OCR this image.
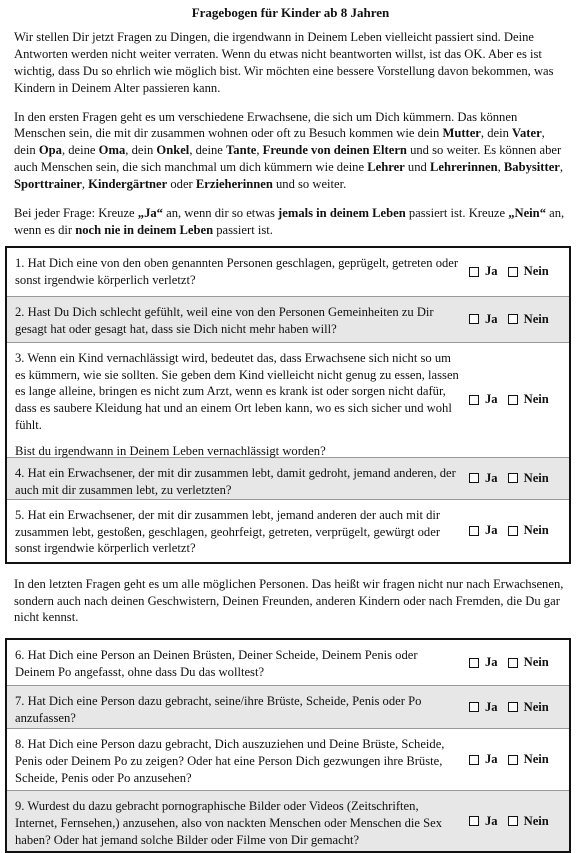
Fragebogen für Kinder ab 8 Jahren

Wir stellen Dir jetzt Fragen zu Dingen, die irgendwann in Deinem Leben vielleicht passiert sind. Deine Antworten werden nicht weiter verraten. Wenn du etwas nicht beantworten willst, ist das OK. Aber es ist wichtig, dass Du so ehrlich wie möglich bist. Wir möchten eine bessere Vorstellung davon bekommen, was Kindern in Deinem Alter passieren kann.

In den ersten Fragen geht es um verschiedene Erwachsene, die sich um Dich kümmern. Das können Menschen sein, die mit dir zusammen wohnen oder oft zu Besuch kommen wie dein Mutter, dein Vater, dein Opa, deine Oma, dein Onkel, deine Tante, Freunde von deinen Eltern und so weiter. Es können aber auch Menschen sein, die sich manchmal um dich kümmern wie deine Lehrer und Lehrerinnen, Babysitter, Sporttrainer, Kindergärtner oder Erzieherinnen und so weiter.

Bei jeder Frage: Kreuze „Ja“ an, wenn dir so etwas jemals in deinem Leben passiert ist. Kreuze „Nein“ an, wenn es dir noch nie in deinem Leben passiert ist.

1. Hat Dich eine von den oben genannten Personen geschlagen, geprügelt, getreten oder sonst irgendwie körperlich verletzt?
Ja Nein
2. Hast Du Dich schlecht gefühlt, weil eine von den Personen Gemeinheiten zu Dir gesagt hat oder gesagt hat, dass sie Dich nicht mehr haben will?
Ja Nein
3. Wenn ein Kind vernachlässigt wird, bedeutet das, dass Erwachsene sich nicht so um es kümmern, wie sie sollten. Sie geben dem Kind vielleicht nicht genug zu essen, lassen es lange alleine, bringen es nicht zum Arzt, wenn es krank ist oder sorgen nicht dafür, dass es saubere Kleidung hat und an einem Ort leben kann, wo es sich sicher und wohl fühlt.
Bist du irgendwann in Deinem Leben vernachlässigt worden?
Ja Nein
4. Hat ein Erwachsener, der mit dir zusammen lebt, damit gedroht, jemand anderen, der auch mit dir zusammen lebt, zu verletzten?
Ja Nein
5. Hat ein Erwachsener, der mit dir zusammen lebt, jemand anderen der auch mit dir zusammen lebt, gestoßen, geschlagen, geohrfeigt, getreten, verprügelt, gewürgt oder sonst irgendwie körperlich verletzt?
Ja Nein

In den letzten Fragen geht es um alle möglichen Personen. Das heißt wir fragen nicht nur nach Erwachsenen, sondern auch nach deinen Geschwistern, Deinen Freunden, anderen Kindern oder nach Fremden, die Du gar nicht kennst.

6. Hat Dich eine Person an Deinen Brüsten, Deiner Scheide, Deinem Penis oder Deinem Po angefasst, ohne dass Du das wolltest?
Ja Nein
7. Hat Dich eine Person dazu gebracht, seine/ihre Brüste, Scheide, Penis oder Po anzufassen?
Ja Nein
8. Hat Dich eine Person dazu gebracht, Dich auszuziehen und Deine Brüste, Scheide, Penis oder Deinem Po zu zeigen? Oder hat eine Person Dich gezwungen ihre Brüste, Scheide, Penis oder Po anzusehen?
Ja Nein
9. Wurdest du dazu gebracht pornographische Bilder oder Videos (Zeitschriften, Internet, Fernsehen,) anzusehen, also von nackten Menschen oder Menschen die Sex haben? Oder hat jemand solche Bilder oder Filme von Dir gemacht?
Ja Nein
